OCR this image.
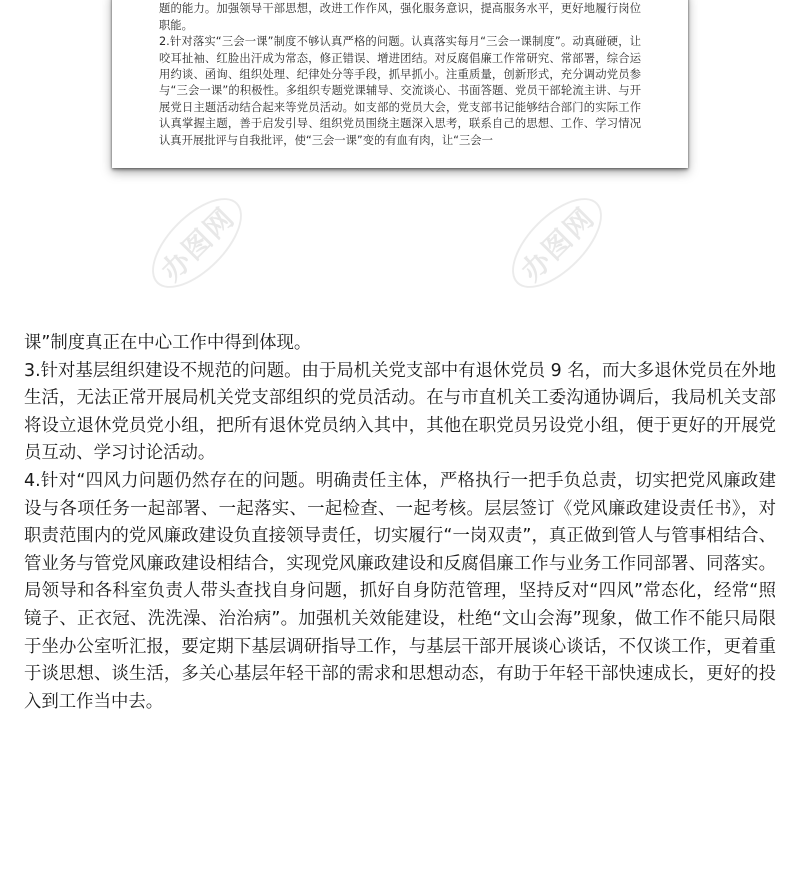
题的能力。加强领导干部思想，改进工作作风，强化服务意识，提高服务水平，更好地履行岗位职能。

2.针对落实“三会一课”制度不够认真严格的问题。认真落实每月“三会一课制度”。动真碰硬，让咬耳扯袖、红脸出汗成为常态，修正错误、增进团结。对反腐倡廉工作常研究、常部署，综合运用约谈、函询、组织处理、纪律处分等手段，抓早抓小。注重质量，创新形式，充分调动党员参与“三会一课”的积极性。多组织专题党课辅导、交流谈心、书面答题、党员干部轮流主讲、与开展党日主题活动结合起来等党员活动。如支部的党员大会，党支部书记能够结合部门的实际工作认真掌握主题，善于启发引导、组织党员围绕主题深入思考，联系自己的思想、工作、学习情况认真开展批评与自我批评，使“三会一课”变的有血有肉，让“三会一

办图网	办图网

课”制度真正在中心工作中得到体现。

3.针对基层组织建设不规范的问题。由于局机关党支部中有退休党员 9 名，而大多退休党员在外地生活，无法正常开展局机关党支部组织的党员活动。在与市直机关工委沟通协调后，我局机关支部将设立退休党员党小组，把所有退休党员纳入其中，其他在职党员另设党小组，便于更好的开展党员互动、学习讨论活动。

4.针对“四风力问题仍然存在的问题。明确责任主体，严格执行一把手负总责，切实把党风廉政建设与各项任务一起部署、一起落实、一起检查、一起考核。层层签订《党风廉政建设责任书》，对职责范围内的党风廉政建设负直接领导责任，切实履行“一岗双责”，真正做到管人与管事相结合、管业务与管党风廉政建设相结合，实现党风廉政建设和反腐倡廉工作与业务工作同部署、同落实。局领导和各科室负责人带头查找自身问题，抓好自身防范管理，坚持反对“四风”常态化，经常“照镜子、正衣冠、洗洗澡、治治病”。加强机关效能建设，杜绝“文山会海”现象，做工作不能只局限于坐办公室听汇报，要定期下基层调研指导工作，与基层干部开展谈心谈话，不仅谈工作，更着重于谈思想、谈生活，多关心基层年轻干部的需求和思想动态，有助于年轻干部快速成长，更好的投入到工作当中去。
